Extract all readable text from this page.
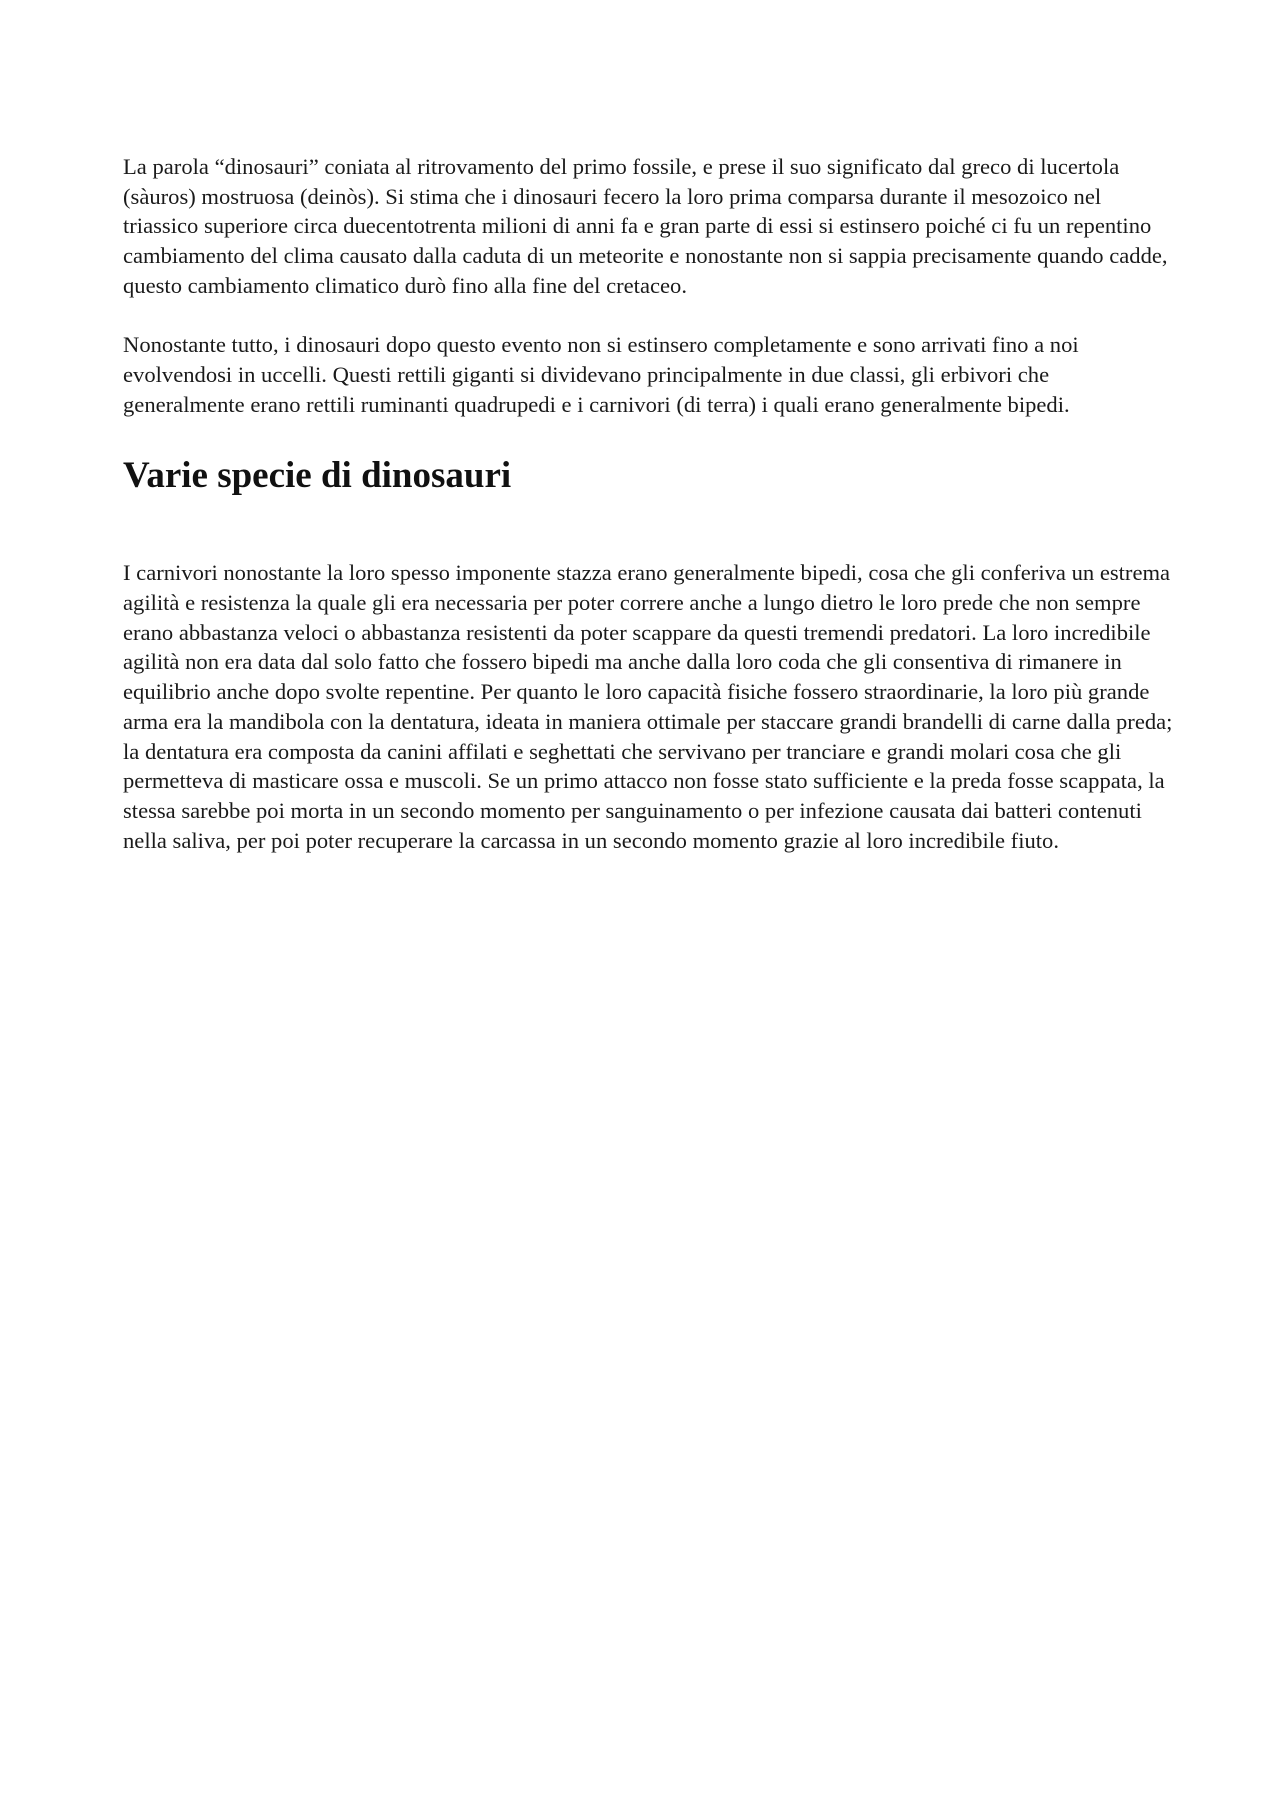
La parola “dinosauri” coniata al ritrovamento del primo fossile, e prese il suo significato dal greco di lucertola (sàuros) mostruosa (deinòs). Si stima che i dinosauri fecero la loro prima comparsa durante il mesozoico nel triassico superiore circa duecentotrenta milioni di anni fa e gran parte di essi si estinsero poiché ci fu un repentino cambiamento del clima causato dalla caduta di un meteorite e nonostante non si sappia precisamente quando cadde, questo cambiamento climatico durò fino alla fine del cretaceo.

Nonostante tutto, i dinosauri dopo questo evento non si estinsero completamente e sono arrivati fino a noi evolvendosi in uccelli. Questi rettili giganti si dividevano principalmente in due classi, gli erbivori che generalmente erano rettili ruminanti quadrupedi e i carnivori (di terra) i quali erano generalmente bipedi.

Varie specie di dinosauri

I carnivori nonostante la loro spesso imponente stazza erano generalmente bipedi, cosa che gli conferiva un estrema agilità e resistenza la quale gli era necessaria per poter correre anche a lungo dietro le loro prede che non sempre erano abbastanza veloci o abbastanza resistenti da poter scappare da questi tremendi predatori. La loro incredibile agilità non era data dal solo fatto che fossero bipedi ma anche dalla loro coda che gli consentiva di rimanere in equilibrio anche dopo svolte repentine. Per quanto le loro capacità fisiche fossero straordinarie, la loro più grande arma era la mandibola con la dentatura, ideata in maniera ottimale per staccare grandi brandelli di carne dalla preda; la dentatura era composta da canini affilati e seghettati che servivano per tranciare e grandi molari cosa che gli permetteva di masticare ossa e muscoli. Se un primo attacco non fosse stato sufficiente e la preda fosse scappata, la stessa sarebbe poi morta in un secondo momento per sanguinamento o per infezione causata dai batteri contenuti nella saliva, per poi poter recuperare la carcassa in un secondo momento grazie al loro incredibile fiuto.
